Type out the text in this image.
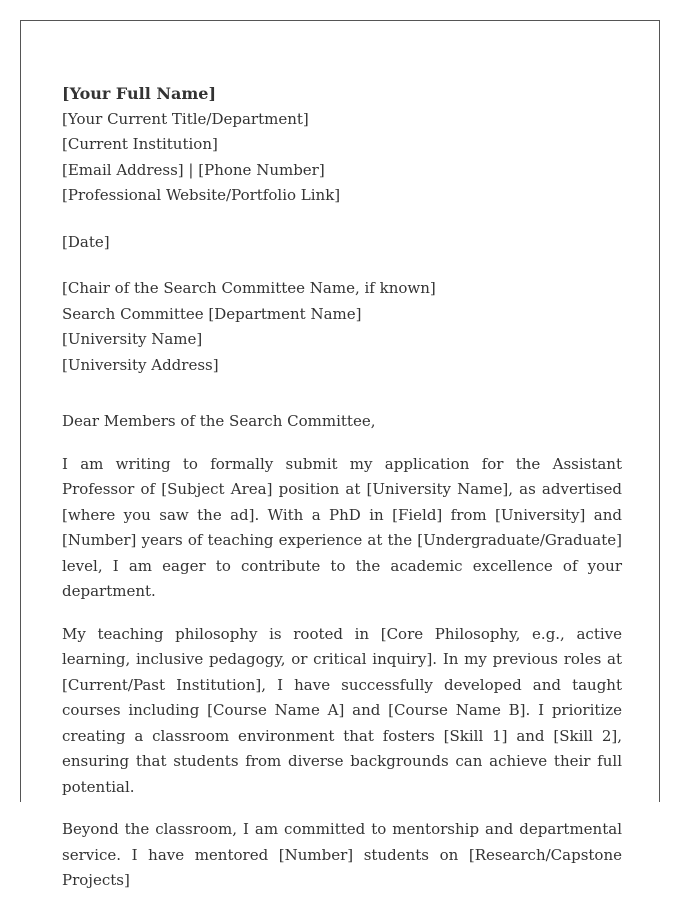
[Your Full Name]
[Your Current Title/Department]
[Current Institution]
[Email Address] | [Phone Number]
[Professional Website/Portfolio Link]
[Date]
[Chair of the Search Committee Name, if known]
Search Committee [Department Name]
[University Name]
[University Address]

Dear Members of the Search Committee,

I am writing to formally submit my application for the Assistant Professor of [Subject Area] position at [University Name], as advertised [where you saw the ad]. With a PhD in [Field] from [University] and [Number] years of teaching experience at the [Undergraduate/Graduate] level, I am eager to contribute to the academic excellence of your department.

My teaching philosophy is rooted in [Core Philosophy, e.g., active learning, inclusive pedagogy, or critical inquiry]. In my previous roles at [Current/Past Institution], I have successfully developed and taught courses including [Course Name A] and [Course Name B]. I prioritize creating a classroom environment that fosters [Skill 1] and [Skill 2], ensuring that students from diverse backgrounds can achieve their full potential.

Beyond the classroom, I am committed to mentorship and departmental service. I have mentored [Number] students on [Research/Capstone Projects]
